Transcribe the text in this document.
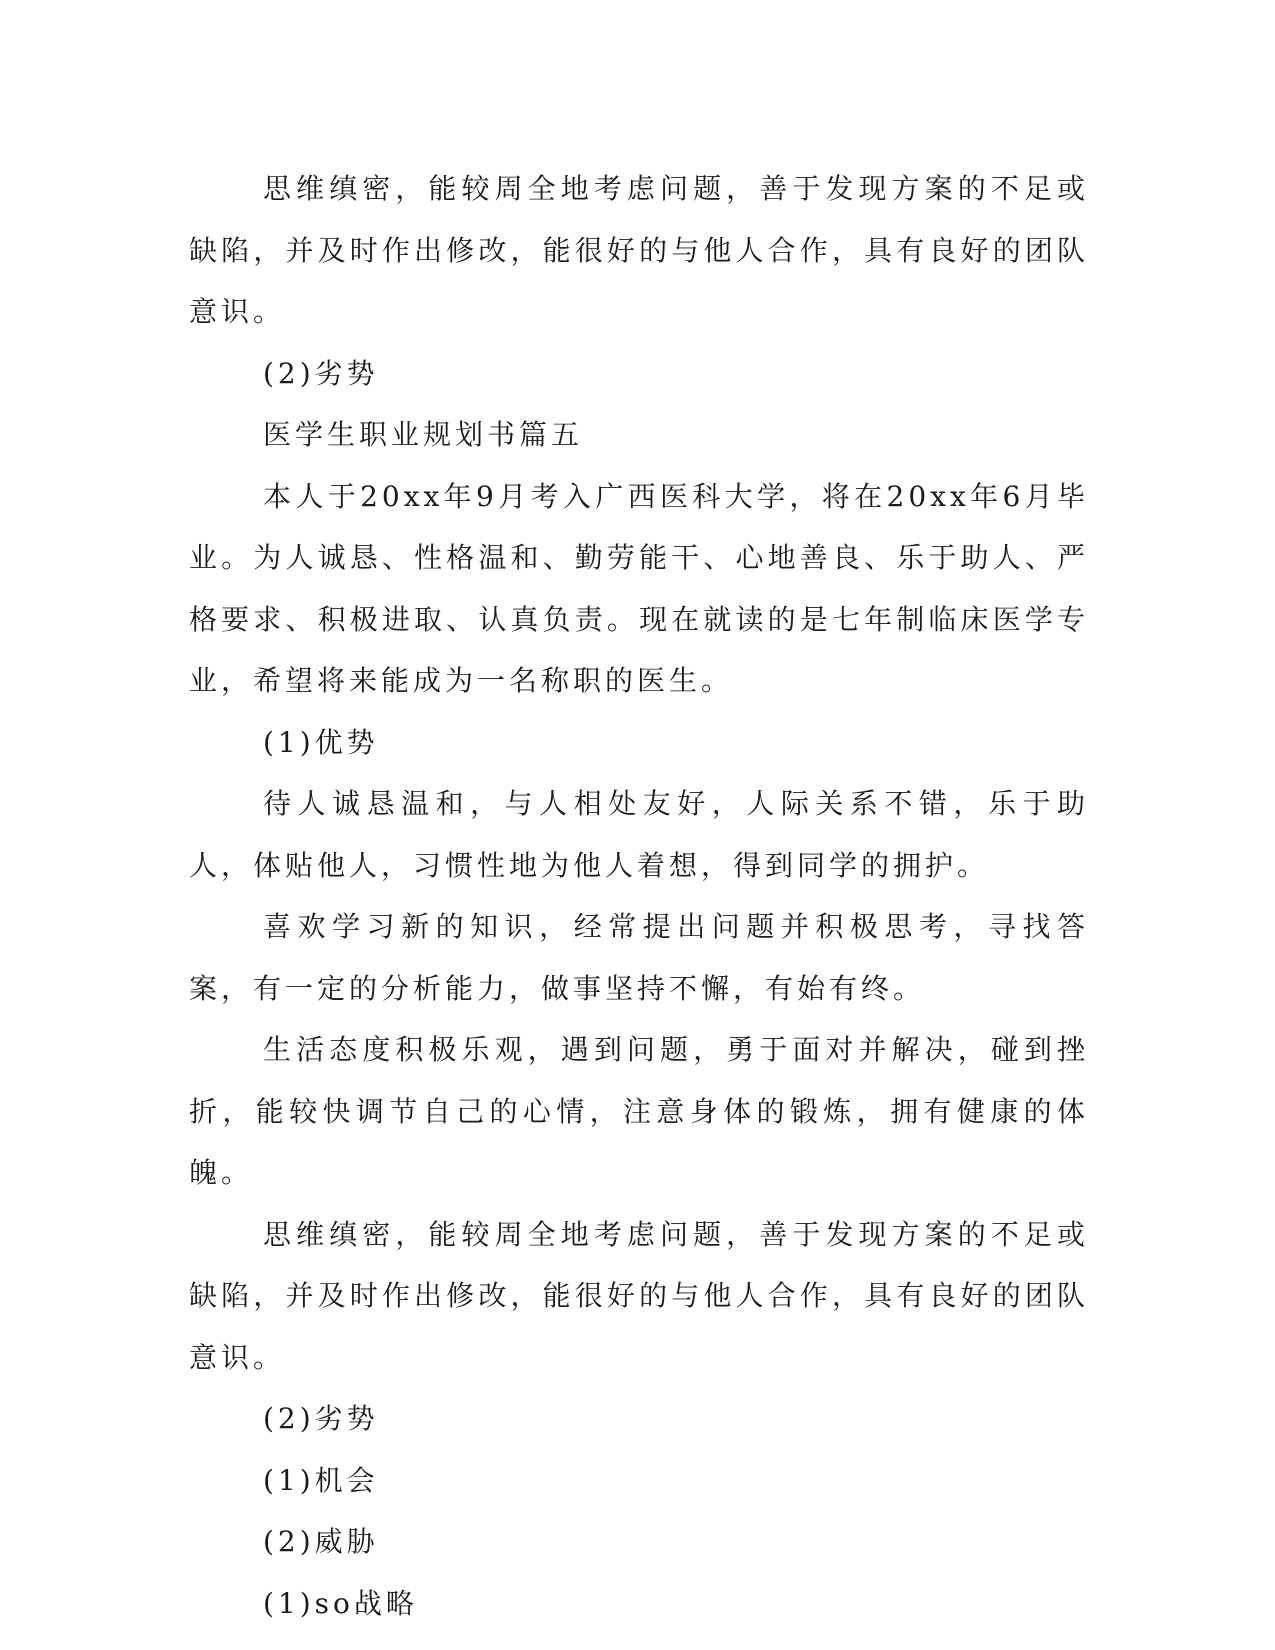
思维缜密，能较周全地考虑问题，善于发现方案的不足或缺陷，并及时作出修改，能很好的与他人合作，具有良好的团队意识。

(2)劣势

医学生职业规划书篇五

本人于20xx年9月考入广西医科大学，将在20xx年6月毕业。为人诚恳、性格温和、勤劳能干、心地善良、乐于助人、严格要求、积极进取、认真负责。现在就读的是七年制临床医学专业，希望将来能成为一名称职的医生。

(1)优势

待人诚恳温和，与人相处友好，人际关系不错，乐于助人，体贴他人，习惯性地为他人着想，得到同学的拥护。

喜欢学习新的知识，经常提出问题并积极思考，寻找答案，有一定的分析能力，做事坚持不懈，有始有终。

生活态度积极乐观，遇到问题，勇于面对并解决，碰到挫折，能较快调节自己的心情，注意身体的锻炼，拥有健康的体魄。

思维缜密，能较周全地考虑问题，善于发现方案的不足或缺陷，并及时作出修改，能很好的与他人合作，具有良好的团队意识。

(2)劣势

(1)机会

(2)威胁

(1)so战略
